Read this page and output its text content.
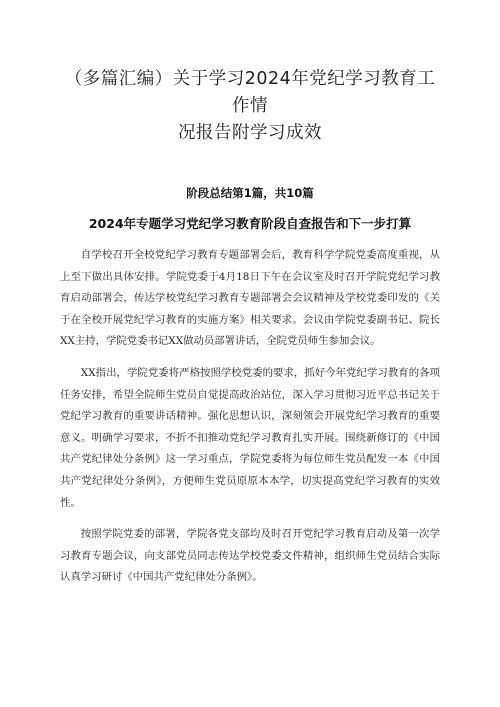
（多篇汇编）关于学习2024年党纪学习教育工作情
况报告附学习成效
阶段总结第1篇，共10篇
2024年专题学习党纪学习教育阶段自查报告和下一步打算

自学校召开全校党纪学习教育专题部署会后，教育科学学院党委高度重视，从上至下做出具体安排。学院党委于4月18日下午在会议室及时召开学院党纪学习教育启动部署会，传达学校党纪学习教育专题部署会会议精神及学校党委印发的《关于在全校开展党纪学习教育的实施方案》相关要求。会议由学院党委副书记、院长XX主持，学院党委书记XX做动员部署讲话，全院党员师生参加会议。

XX指出，学院党委将严格按照学校党委的要求，抓好今年党纪学习教育的各项任务安排，希望全院师生党员自觉提高政治站位，深入学习贯彻习近平总书记关于党纪学习教育的重要讲话精神。强化思想认识，深刻领会开展党纪学习教育的重要意义。明确学习要求，不折不扣推动党纪学习教育扎实开展。围绕新修订的《中国共产党纪律处分条例》这一学习重点，学院党委将为每位师生党员配发一本《中国共产党纪律处分条例》，方便师生党员原原本本学，切实提高党纪学习教育的实效性。

按照学院党委的部署，学院各党支部均及时召开党纪学习教育启动及第一次学习教育专题会议，向支部党员同志传达学校党委文件精神，组织师生党员结合实际认真学习研讨《中国共产党纪律处分条例》。
